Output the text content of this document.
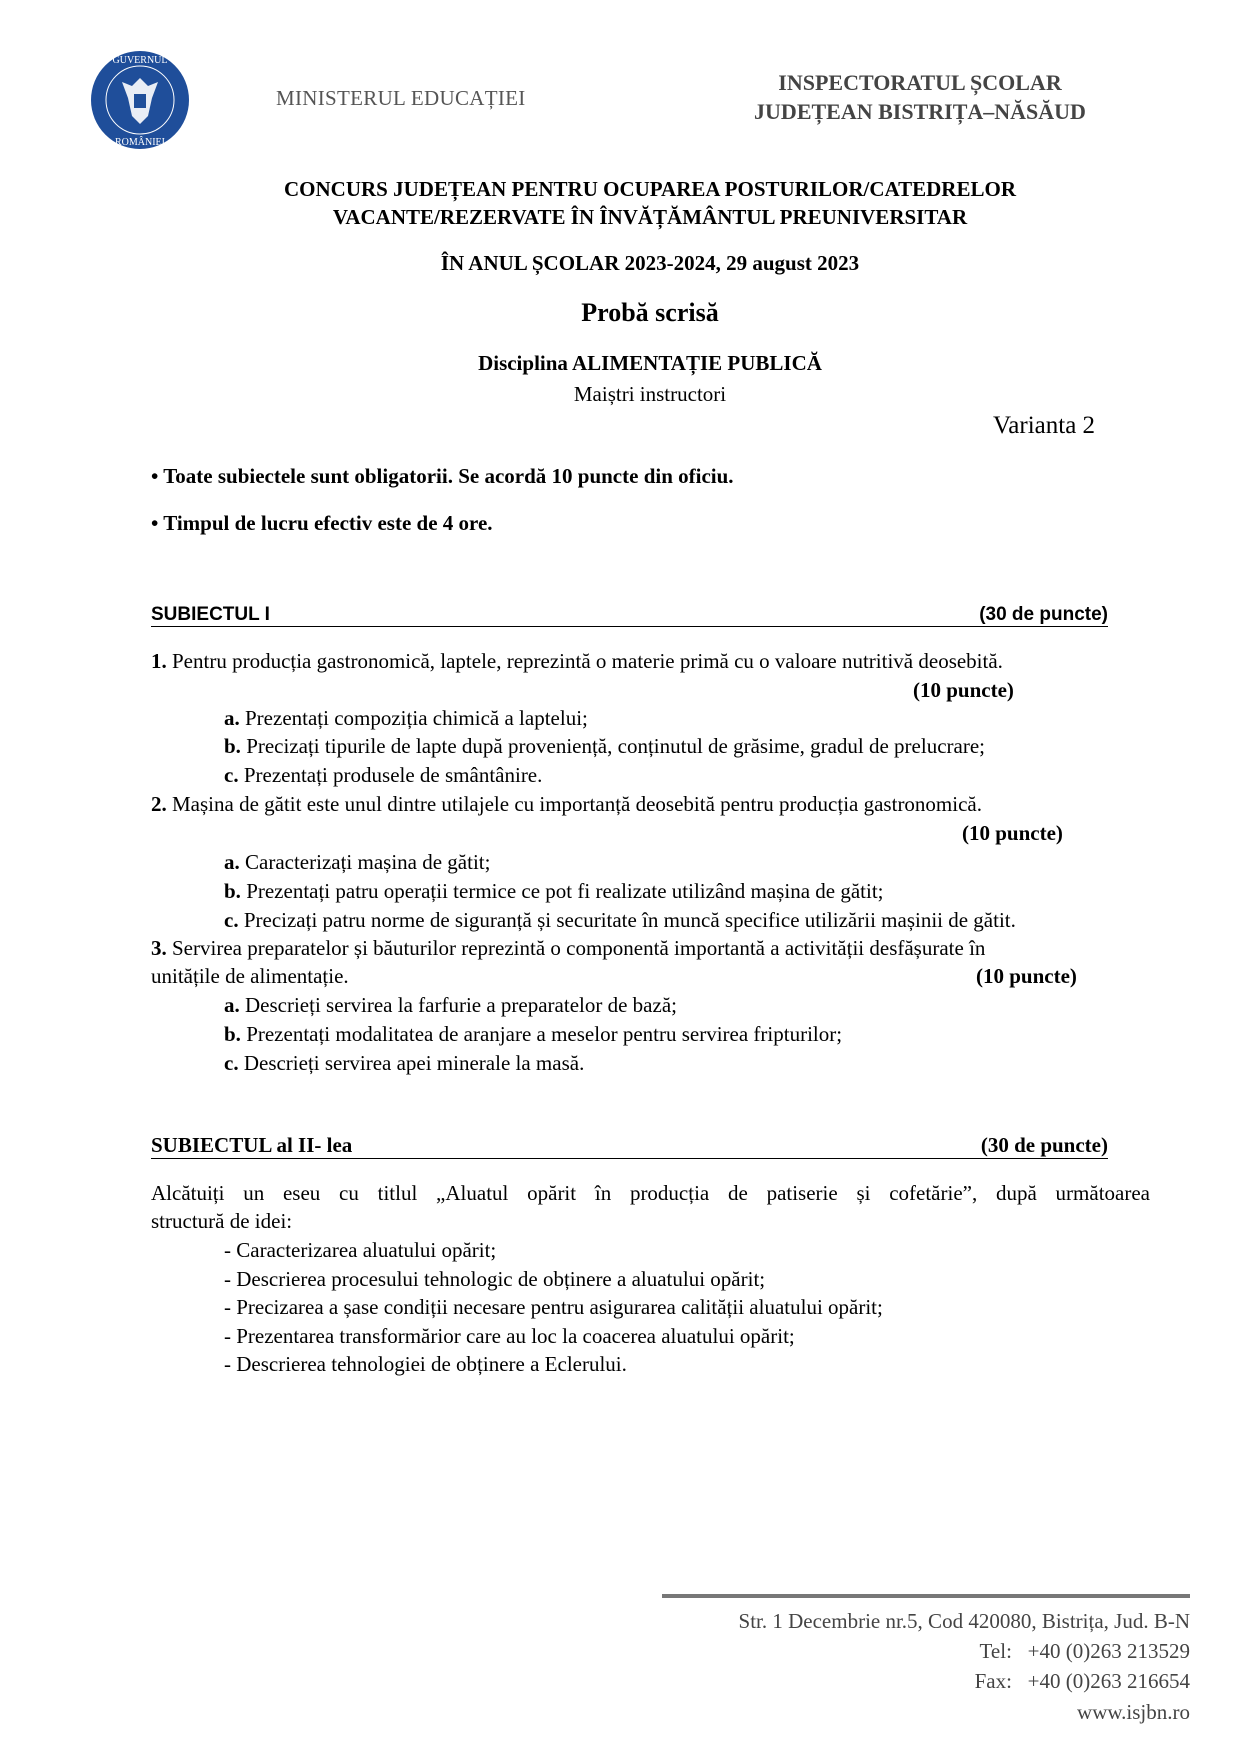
GUVERNUL
ROMÂNIEI
MINISTERUL EDUCAȚIEI
INSPECTORATUL ȘCOLAR
JUDEȚEAN BISTRIȚA–NĂSĂUD
CONCURS JUDEȚEAN PENTRU OCUPAREA POSTURILOR/CATEDRELOR
VACANTE/REZERVATE ÎN ÎNVĂȚĂMÂNTUL PREUNIVERSITAR
ÎN ANUL ȘCOLAR 2023-2024, 29 august 2023
Probă scrisă
Disciplina ALIMENTAȚIE PUBLICĂ
Maiștri instructori
Varianta 2
• Toate subiectele sunt obligatorii. Se acordă 10 puncte din oficiu.
• Timpul de lucru efectiv este de 4 ore.
SUBIECTUL I	(30 de puncte)
1. Pentru producția gastronomică, laptele, reprezintă o materie primă cu o valoare nutritivă deosebită.
(10 puncte)
a. Prezentați compoziția chimică a laptelui;
b. Precizați tipurile de lapte după proveniență, conținutul de grăsime, gradul de prelucrare;
c. Prezentați produsele de smântânire.
2. Mașina de gătit este unul dintre utilajele cu importanță deosebită pentru producția gastronomică.
(10 puncte)
a. Caracterizați mașina de gătit;
b. Prezentați patru operații termice ce pot fi realizate utilizând mașina de gătit;
c. Precizați patru norme de siguranță și securitate în muncă specifice utilizării mașinii de gătit.
3. Servirea preparatelor și băuturilor reprezintă o componentă importantă a activității desfășurate în
unitățile de alimentație.	(10 puncte)
a. Descrieți servirea la farfurie a preparatelor de bază;
b. Prezentați modalitatea de aranjare a meselor pentru servirea fripturilor;
c. Descrieți servirea apei minerale la masă.
SUBIECTUL al II- lea	(30 de puncte)
Alcătuiți un eseu cu titlul „Aluatul opărit în producția de patiserie și cofetărie”, după următoarea
structură de idei:
- Caracterizarea aluatului opărit;
- Descrierea procesului tehnologic de obținere a aluatului opărit;
- Precizarea a șase condiții necesare pentru asigurarea calității aluatului opărit;
- Prezentarea transformărior care au loc la coacerea aluatului opărit;
- Descrierea tehnologiei de obținere a Eclerului.
Str. 1 Decembrie nr.5, Cod 420080, Bistrița, Jud. B-N
Tel: +40 (0)263 213529
Fax: +40 (0)263 216654
www.isjbn.ro
